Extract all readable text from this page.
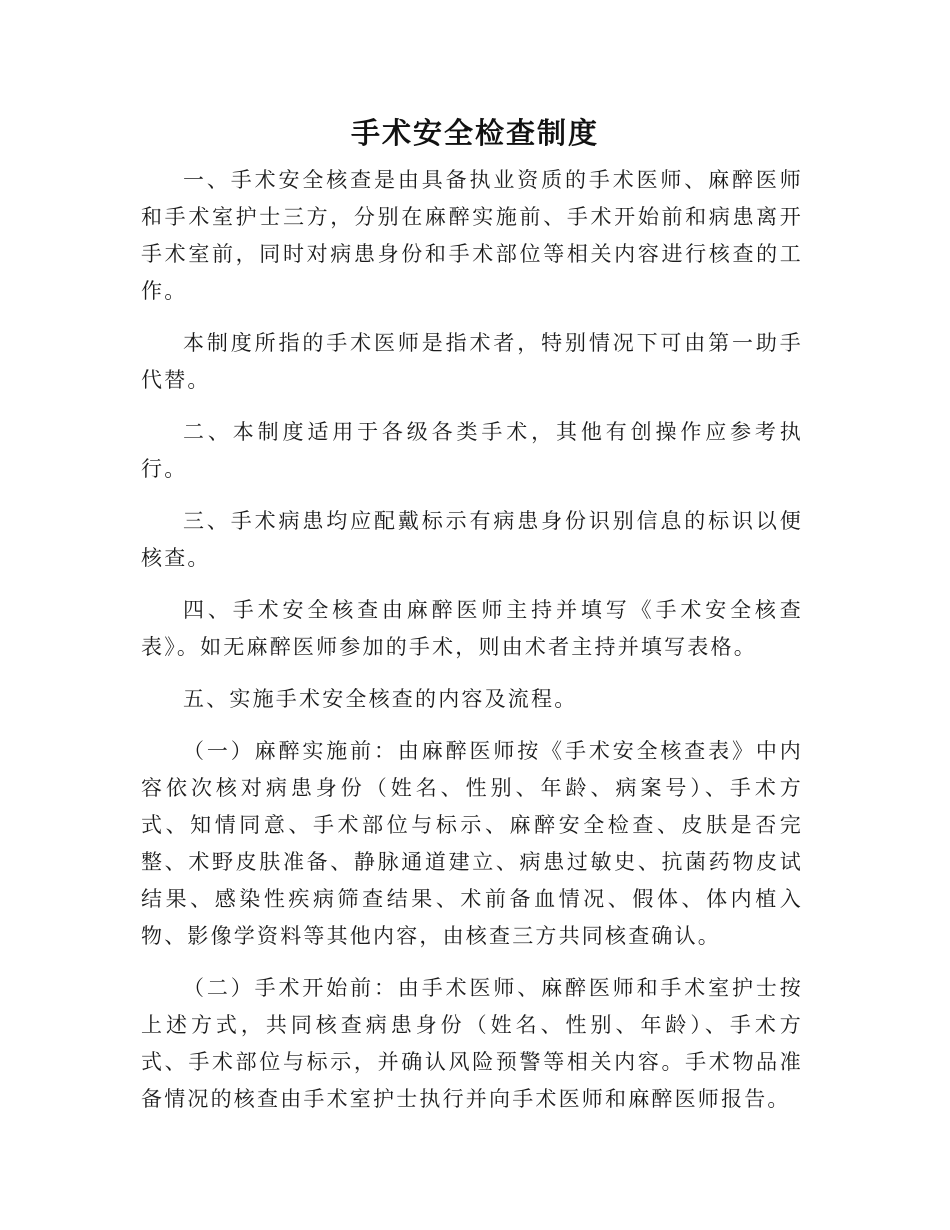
手术安全检查制度

一、手术安全核查是由具备执业资质的手术医师、麻醉医师和手术室护士三方，分别在麻醉实施前、手术开始前和病患离开手术室前，同时对病患身份和手术部位等相关内容进行核查的工作。

本制度所指的手术医师是指术者，特别情况下可由第一助手代替。

二、本制度适用于各级各类手术，其他有创操作应参考执行。

三、手术病患均应配戴标示有病患身份识别信息的标识以便核查。

四、手术安全核查由麻醉医师主持并填写《手术安全核查表》。如无麻醉医师参加的手术，则由术者主持并填写表格。

五、实施手术安全核查的内容及流程。

（一）麻醉实施前：由麻醉医师按《手术安全核查表》中内容依次核对病患身份（姓名、性别、年龄、病案号）、手术方式、知情同意、手术部位与标示、麻醉安全检查、皮肤是否完整、术野皮肤准备、静脉通道建立、病患过敏史、抗菌药物皮试结果、感染性疾病筛查结果、术前备血情况、假体、体内植入物、影像学资料等其他内容，由核查三方共同核查确认。

（二）手术开始前：由手术医师、麻醉医师和手术室护士按上述方式，共同核查病患身份（姓名、性别、年龄）、手术方式、手术部位与标示，并确认风险预警等相关内容。手术物品准备情况的核查由手术室护士执行并向手术医师和麻醉医师报告。
